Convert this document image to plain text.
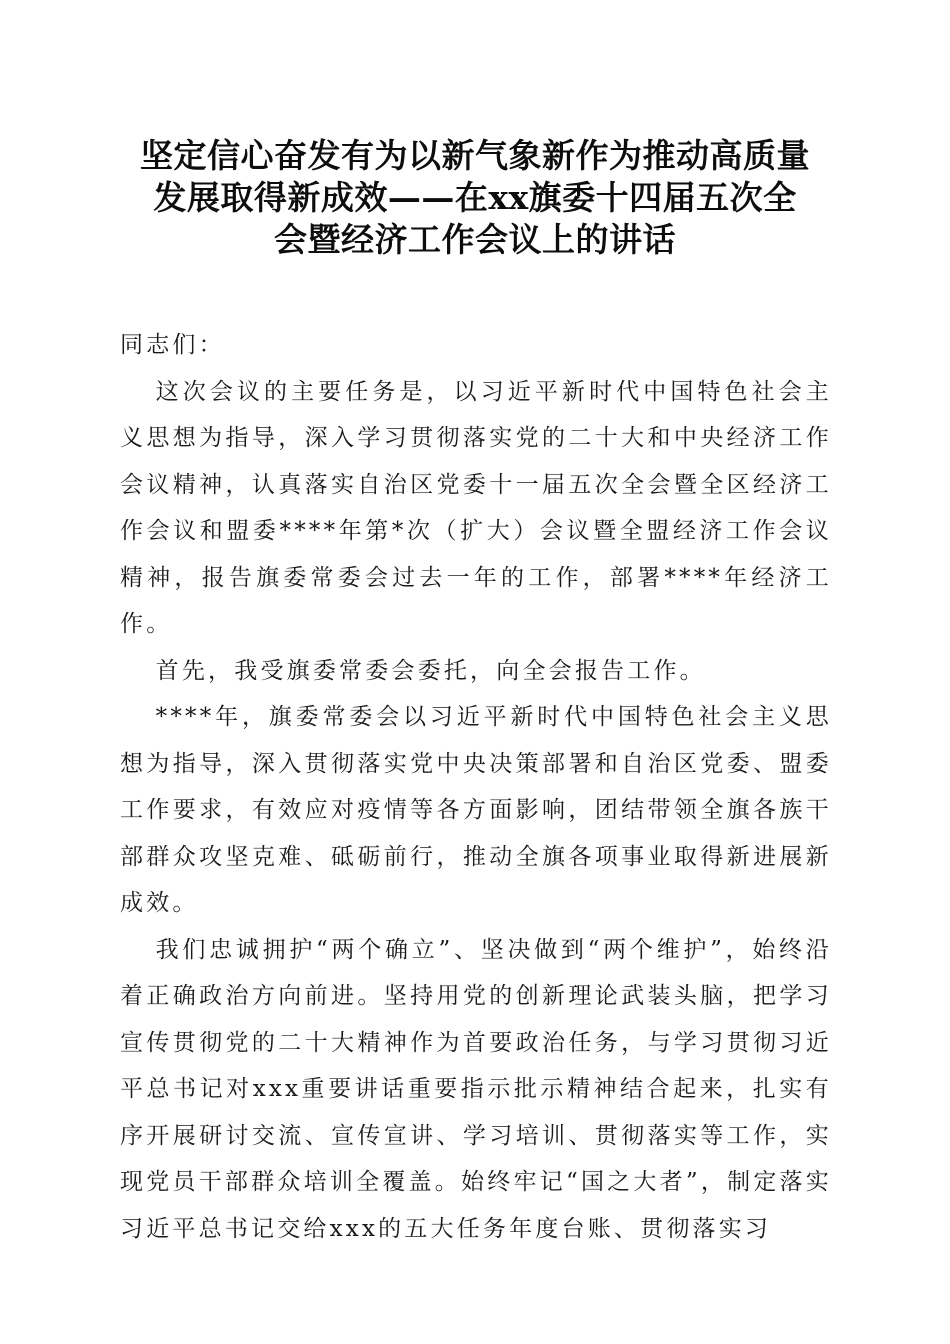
坚定信心奋发有为以新气象新作为推动高质量
发展取得新成效——在xx旗委十四届五次全
会暨经济工作会议上的讲话

同志们：

这次会议的主要任务是，以习近平新时代中国特色社会主义思想为指导，深入学习贯彻落实党的二十大和中央经济工作会议精神，认真落实自治区党委十一届五次全会暨全区经济工作会议和盟委****年第*次（扩大）会议暨全盟经济工作会议精神，报告旗委常委会过去一年的工作，部署****年经济工作。

首先，我受旗委常委会委托，向全会报告工作。

****年，旗委常委会以习近平新时代中国特色社会主义思想为指导，深入贯彻落实党中央决策部署和自治区党委、盟委工作要求，有效应对疫情等各方面影响，团结带领全旗各族干部群众攻坚克难、砥砺前行，推动全旗各项事业取得新进展新成效。

我们忠诚拥护“两个确立”、坚决做到“两个维护”，始终沿着正确政治方向前进。坚持用党的创新理论武装头脑，把学习宣传贯彻党的二十大精神作为首要政治任务，与学习贯彻习近平总书记对xxx重要讲话重要指示批示精神结合起来，扎实有序开展研讨交流、宣传宣讲、学习培训、贯彻落实等工作，实现党员干部群众培训全覆盖。始终牢记“国之大者”，制定落实习近平总书记交给xxx的五大任务年度台账、贯彻落实习
